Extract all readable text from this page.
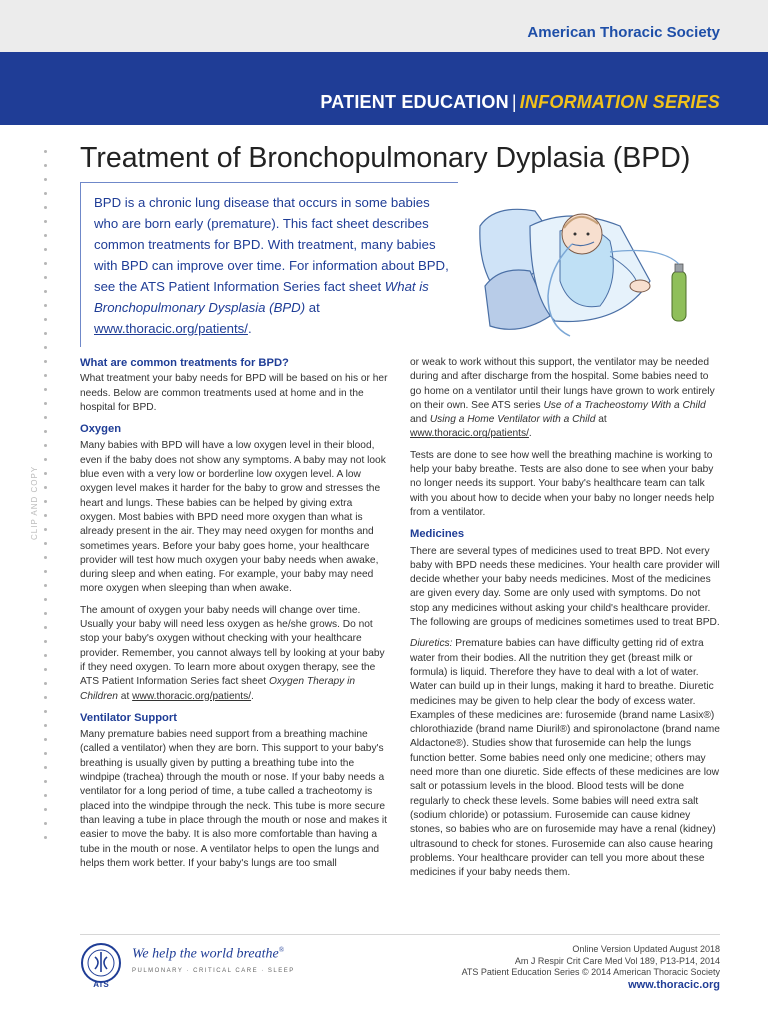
American Thoracic Society
PATIENT EDUCATION | INFORMATION SERIES
CLIP AND COPY
Treatment of Bronchopulmonary Dyplasia (BPD)
BPD is a chronic lung disease that occurs in some babies who are born early (premature). This fact sheet describes common treatments for BPD. With treatment, many babies with BPD can improve over time. For information about BPD, see the ATS Patient Information Series fact sheet What is Bronchopulmonary Dysplasia (BPD) at www.thoracic.org/patients/.
What are common treatments for BPD?

What treatment your baby needs for BPD will be based on his or her needs. Below are common treatments used at home and in the hospital for BPD.

Oxygen

Many babies with BPD will have a low oxygen level in their blood, even if the baby does not show any symptoms. A baby may not look blue even with a very low or borderline low oxygen level. A low oxygen level makes it harder for the baby to grow and stresses the heart and lungs. These babies can be helped by giving extra oxygen. Most babies with BPD need more oxygen than what is already present in the air. They may need oxygen for months and sometimes years. Before your baby goes home, your healthcare provider will test how much oxygen your baby needs when awake, during sleep and when eating. For example, your baby may need more oxygen when sleeping than when awake.

The amount of oxygen your baby needs will change over time. Usually your baby will need less oxygen as he/she grows. Do not stop your baby's oxygen without checking with your healthcare provider. Remember, you cannot always tell by looking at your baby if they need oxygen. To learn more about oxygen therapy, see the ATS Patient Information Series fact sheet Oxygen Therapy in Children at www.thoracic.org/patients/.

Ventilator Support

Many premature babies need support from a breathing machine (called a ventilator) when they are born. This support to your baby's breathing is usually given by putting a breathing tube into the windpipe (trachea) through the mouth or nose. If your baby needs a ventilator for a long period of time, a tube called a tracheotomy is placed into the windpipe through the neck. This tube is more secure than leaving a tube in place through the mouth or nose and makes it easier to move the baby. It is also more comfortable than having a tube in the mouth or nose. A ventilator helps to open the lungs and helps them work better. If your baby's lungs are too small

or weak to work without this support, the ventilator may be needed during and after discharge from the hospital. Some babies need to go home on a ventilator until their lungs have grown to work entirely on their own. See ATS series Use of a Tracheostomy With a Child and Using a Home Ventilator with a Child at www.thoracic.org/patients/.

Tests are done to see how well the breathing machine is working to help your baby breathe. Tests are also done to see when your baby no longer needs its support. Your baby's healthcare team can talk with you about how to decide when your baby no longer needs help from a ventilator.

Medicines

There are several types of medicines used to treat BPD. Not every baby with BPD needs these medicines. Your health care provider will decide whether your baby needs medicines. Most of the medicines are given every day. Some are only used with symptoms. Do not stop any medicines without asking your child's healthcare provider. The following are groups of medicines sometimes used to treat BPD.

Diuretics: Premature babies can have difficulty getting rid of extra water from their bodies. All the nutrition they get (breast milk or formula) is liquid. Therefore they have to deal with a lot of water. Water can build up in their lungs, making it hard to breathe. Diuretic medicines may be given to help clear the body of excess water. Examples of these medicines are: furosemide (brand name Lasix®) chlorothiazide (brand name Diuril®) and spironolactone (brand name Aldactone®). Studies show that furosemide can help the lungs function better. Some babies need only one medicine; others may need more than one diuretic. Side effects of these medicines are low salt or potassium levels in the blood. Blood tests will be done regularly to check these levels. Some babies will need extra salt (sodium chloride) or potassium. Furosemide can cause kidney stones, so babies who are on furosemide may have a renal (kidney) ultrasound to check for stones. Furosemide can also cause hearing problems. Your healthcare provider can tell you more about these medicines if your baby needs them.

ATS
We help the world breathe®
PULMONARY · CRITICAL CARE · SLEEP
Online Version Updated August 2018
Am J Respir Crit Care Med Vol 189, P13-P14, 2014
ATS Patient Education Series © 2014 American Thoracic Society
www.thoracic.org
